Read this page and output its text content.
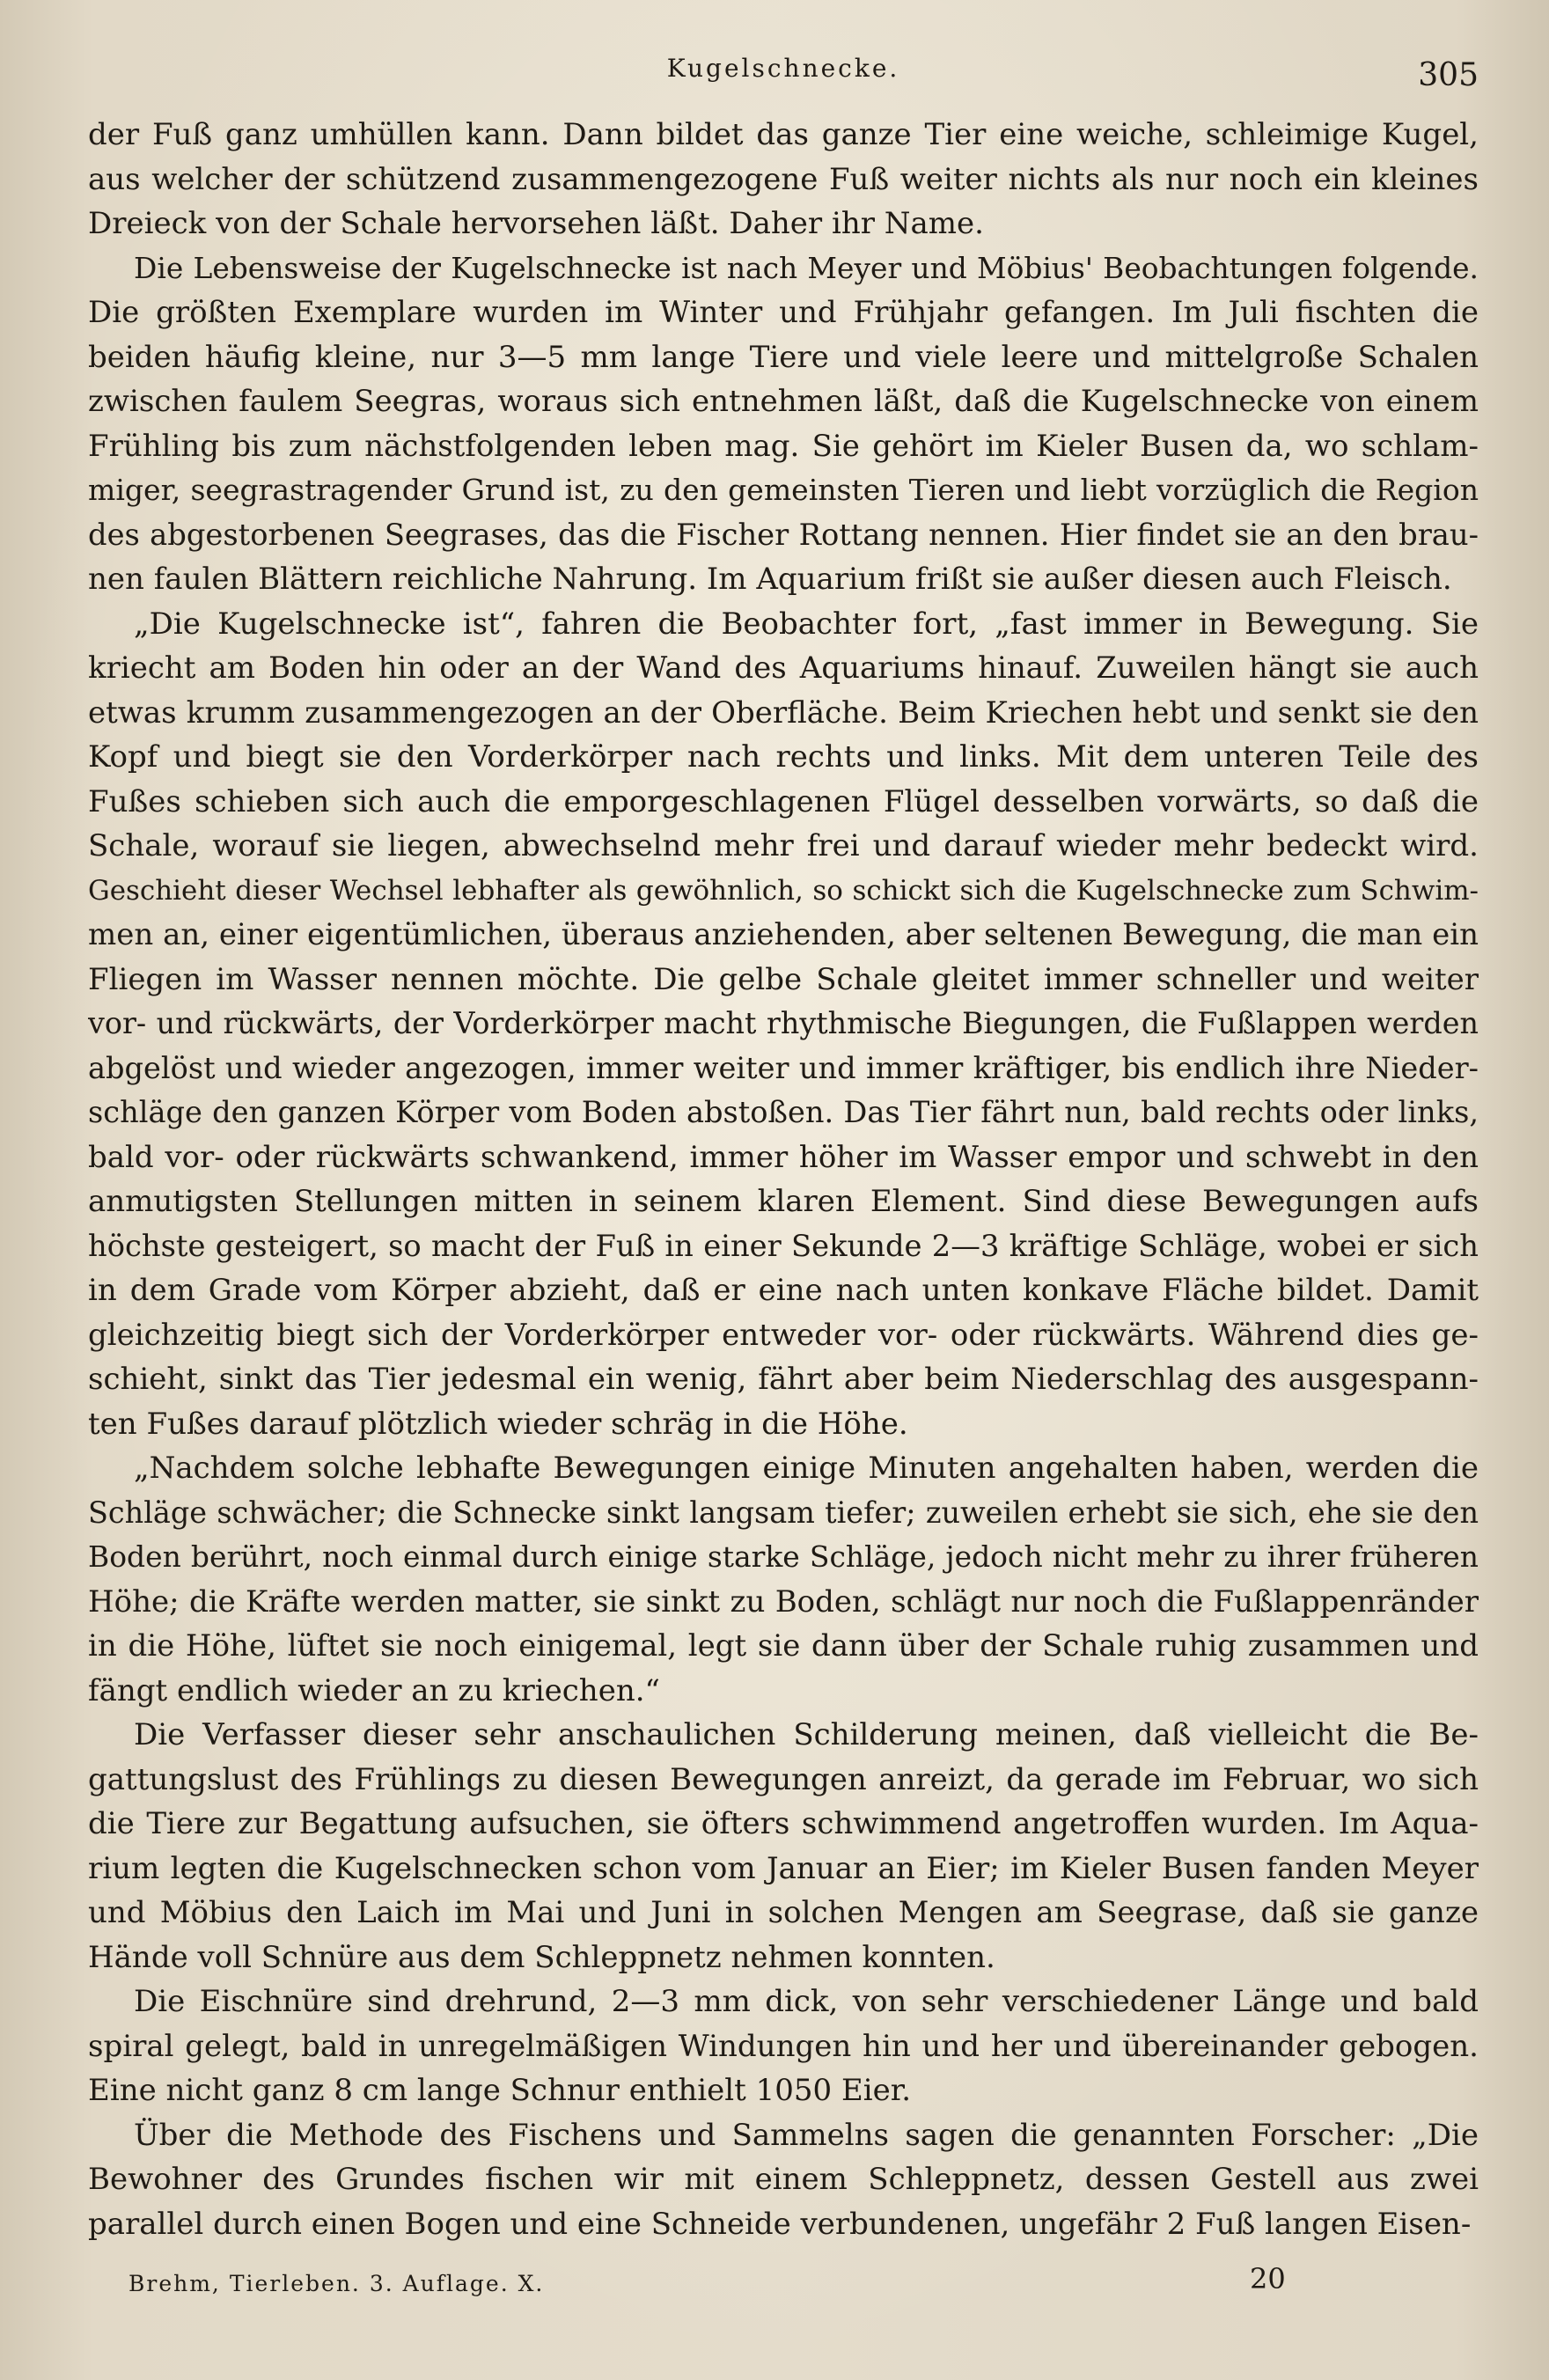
Kugelschnecke.	305
der Fuß ganz umhüllen kann. Dann bildet das ganze Tier eine weiche, schleimige Kugel,
aus welcher der schützend zusammengezogene Fuß weiter nichts als nur noch ein kleines
Dreieck von der Schale hervorsehen läßt. Daher ihr Name.
Die Lebensweise der Kugelschnecke ist nach Meyer und Möbius' Beobachtungen folgende.
Die größten Exemplare wurden im Winter und Frühjahr gefangen. Im Juli fischten die
beiden häufig kleine, nur 3—5 mm lange Tiere und viele leere und mittelgroße Schalen
zwischen faulem Seegras, woraus sich entnehmen läßt, daß die Kugelschnecke von einem
Frühling bis zum nächstfolgenden leben mag. Sie gehört im Kieler Busen da, wo schlam-
miger, seegrastragender Grund ist, zu den gemeinsten Tieren und liebt vorzüglich die Region
des abgestorbenen Seegrases, das die Fischer Rottang nennen. Hier findet sie an den brau-
nen faulen Blättern reichliche Nahrung. Im Aquarium frißt sie außer diesen auch Fleisch.
„Die Kugelschnecke ist“, fahren die Beobachter fort, „fast immer in Bewegung. Sie
kriecht am Boden hin oder an der Wand des Aquariums hinauf. Zuweilen hängt sie auch
etwas krumm zusammengezogen an der Oberfläche. Beim Kriechen hebt und senkt sie den
Kopf und biegt sie den Vorderkörper nach rechts und links. Mit dem unteren Teile des
Fußes schieben sich auch die emporgeschlagenen Flügel desselben vorwärts, so daß die
Schale, worauf sie liegen, abwechselnd mehr frei und darauf wieder mehr bedeckt wird.
Geschieht dieser Wechsel lebhafter als gewöhnlich, so schickt sich die Kugelschnecke zum Schwim-
men an, einer eigentümlichen, überaus anziehenden, aber seltenen Bewegung, die man ein
Fliegen im Wasser nennen möchte. Die gelbe Schale gleitet immer schneller und weiter
vor- und rückwärts, der Vorderkörper macht rhythmische Biegungen, die Fußlappen werden
abgelöst und wieder angezogen, immer weiter und immer kräftiger, bis endlich ihre Nieder-
schläge den ganzen Körper vom Boden abstoßen. Das Tier fährt nun, bald rechts oder links,
bald vor- oder rückwärts schwankend, immer höher im Wasser empor und schwebt in den
anmutigsten Stellungen mitten in seinem klaren Element. Sind diese Bewegungen aufs
höchste gesteigert, so macht der Fuß in einer Sekunde 2—3 kräftige Schläge, wobei er sich
in dem Grade vom Körper abzieht, daß er eine nach unten konkave Fläche bildet. Damit
gleichzeitig biegt sich der Vorderkörper entweder vor- oder rückwärts. Während dies ge-
schieht, sinkt das Tier jedesmal ein wenig, fährt aber beim Niederschlag des ausgespann-
ten Fußes darauf plötzlich wieder schräg in die Höhe.
„Nachdem solche lebhafte Bewegungen einige Minuten angehalten haben, werden die
Schläge schwächer; die Schnecke sinkt langsam tiefer; zuweilen erhebt sie sich, ehe sie den
Boden berührt, noch einmal durch einige starke Schläge, jedoch nicht mehr zu ihrer früheren
Höhe; die Kräfte werden matter, sie sinkt zu Boden, schlägt nur noch die Fußlappenränder
in die Höhe, lüftet sie noch einigemal, legt sie dann über der Schale ruhig zusammen und
fängt endlich wieder an zu kriechen.“
Die Verfasser dieser sehr anschaulichen Schilderung meinen, daß vielleicht die Be-
gattungslust des Frühlings zu diesen Bewegungen anreizt, da gerade im Februar, wo sich
die Tiere zur Begattung aufsuchen, sie öfters schwimmend angetroffen wurden. Im Aqua-
rium legten die Kugelschnecken schon vom Januar an Eier; im Kieler Busen fanden Meyer
und Möbius den Laich im Mai und Juni in solchen Mengen am Seegrase, daß sie ganze
Hände voll Schnüre aus dem Schleppnetz nehmen konnten.
Die Eischnüre sind drehrund, 2—3 mm dick, von sehr verschiedener Länge und bald
spiral gelegt, bald in unregelmäßigen Windungen hin und her und übereinander gebogen.
Eine nicht ganz 8 cm lange Schnur enthielt 1050 Eier.
Über die Methode des Fischens und Sammelns sagen die genannten Forscher: „Die
Bewohner des Grundes fischen wir mit einem Schleppnetz, dessen Gestell aus zwei
parallel durch einen Bogen und eine Schneide verbundenen, ungefähr 2 Fuß langen Eisen-
Brehm, Tierleben. 3. Auflage. X.	20
